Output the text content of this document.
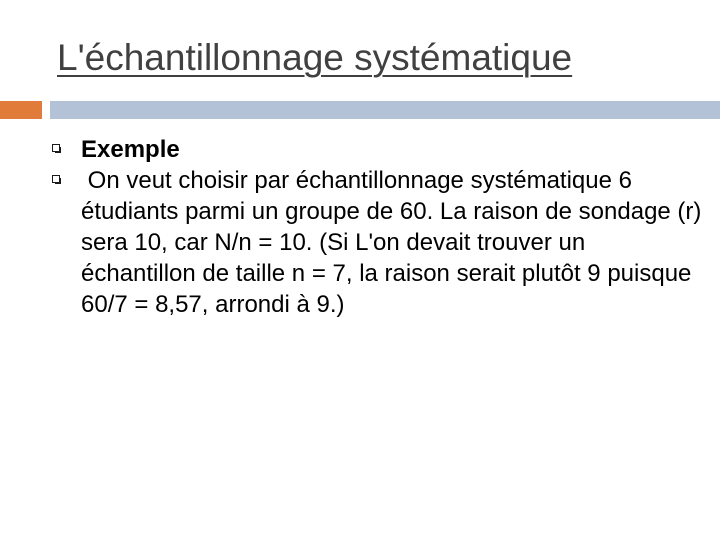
L'échantillonnage systématique
Exemple
On veut choisir par échantillonnage systématique 6 étudiants parmi un groupe de 60. La raison de sondage (r) sera 10, car N/n = 10. (Si L'on devait trouver un échantillon de taille n = 7, la raison serait plutôt 9 puisque 60/7 = 8,57, arrondi à 9.)
